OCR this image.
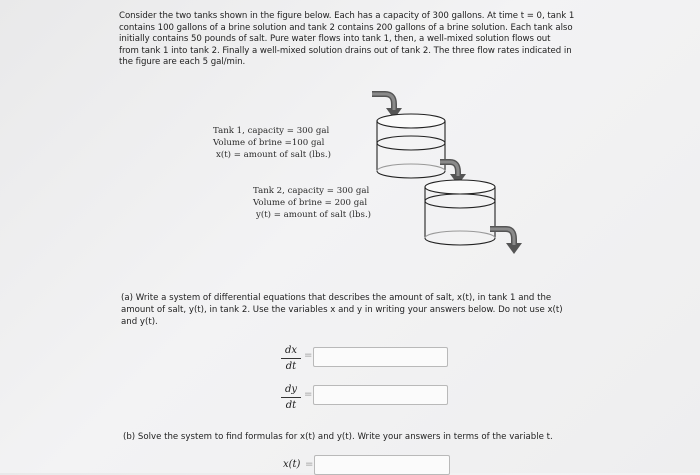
Consider the two tanks shown in the figure below. Each has a capacity of 300 gallons. At time t = 0, tank 1
contains 100 gallons of a brine solution and tank 2 contains 200 gallons of a brine solution. Each tank also
initially contains 50 pounds of salt. Pure water flows into tank 1, then, a well-mixed solution flows out
from tank 1 into tank 2. Finally a well-mixed solution drains out of tank 2. The three flow rates indicated in
the figure are each 5 gal/min.
Tank 1, capacity = 300 gal
Volume of brine =100 gal
x(t) = amount of salt (lbs.)
Tank 2, capacity = 300 gal
Volume of brine = 200 gal
y(t) = amount of salt (lbs.)
(a) Write a system of differential equations that describes the amount of salt, x(t), in tank 1 and the
amount of salt, y(t), in tank 2. Use the variables x and y in writing your answers below. Do not use x(t)
and y(t).
dx
dt
=
dy
dt
=
(b) Solve the system to find formulas for x(t) and y(t). Write your answers in terms of the variable t.
x(t) =
